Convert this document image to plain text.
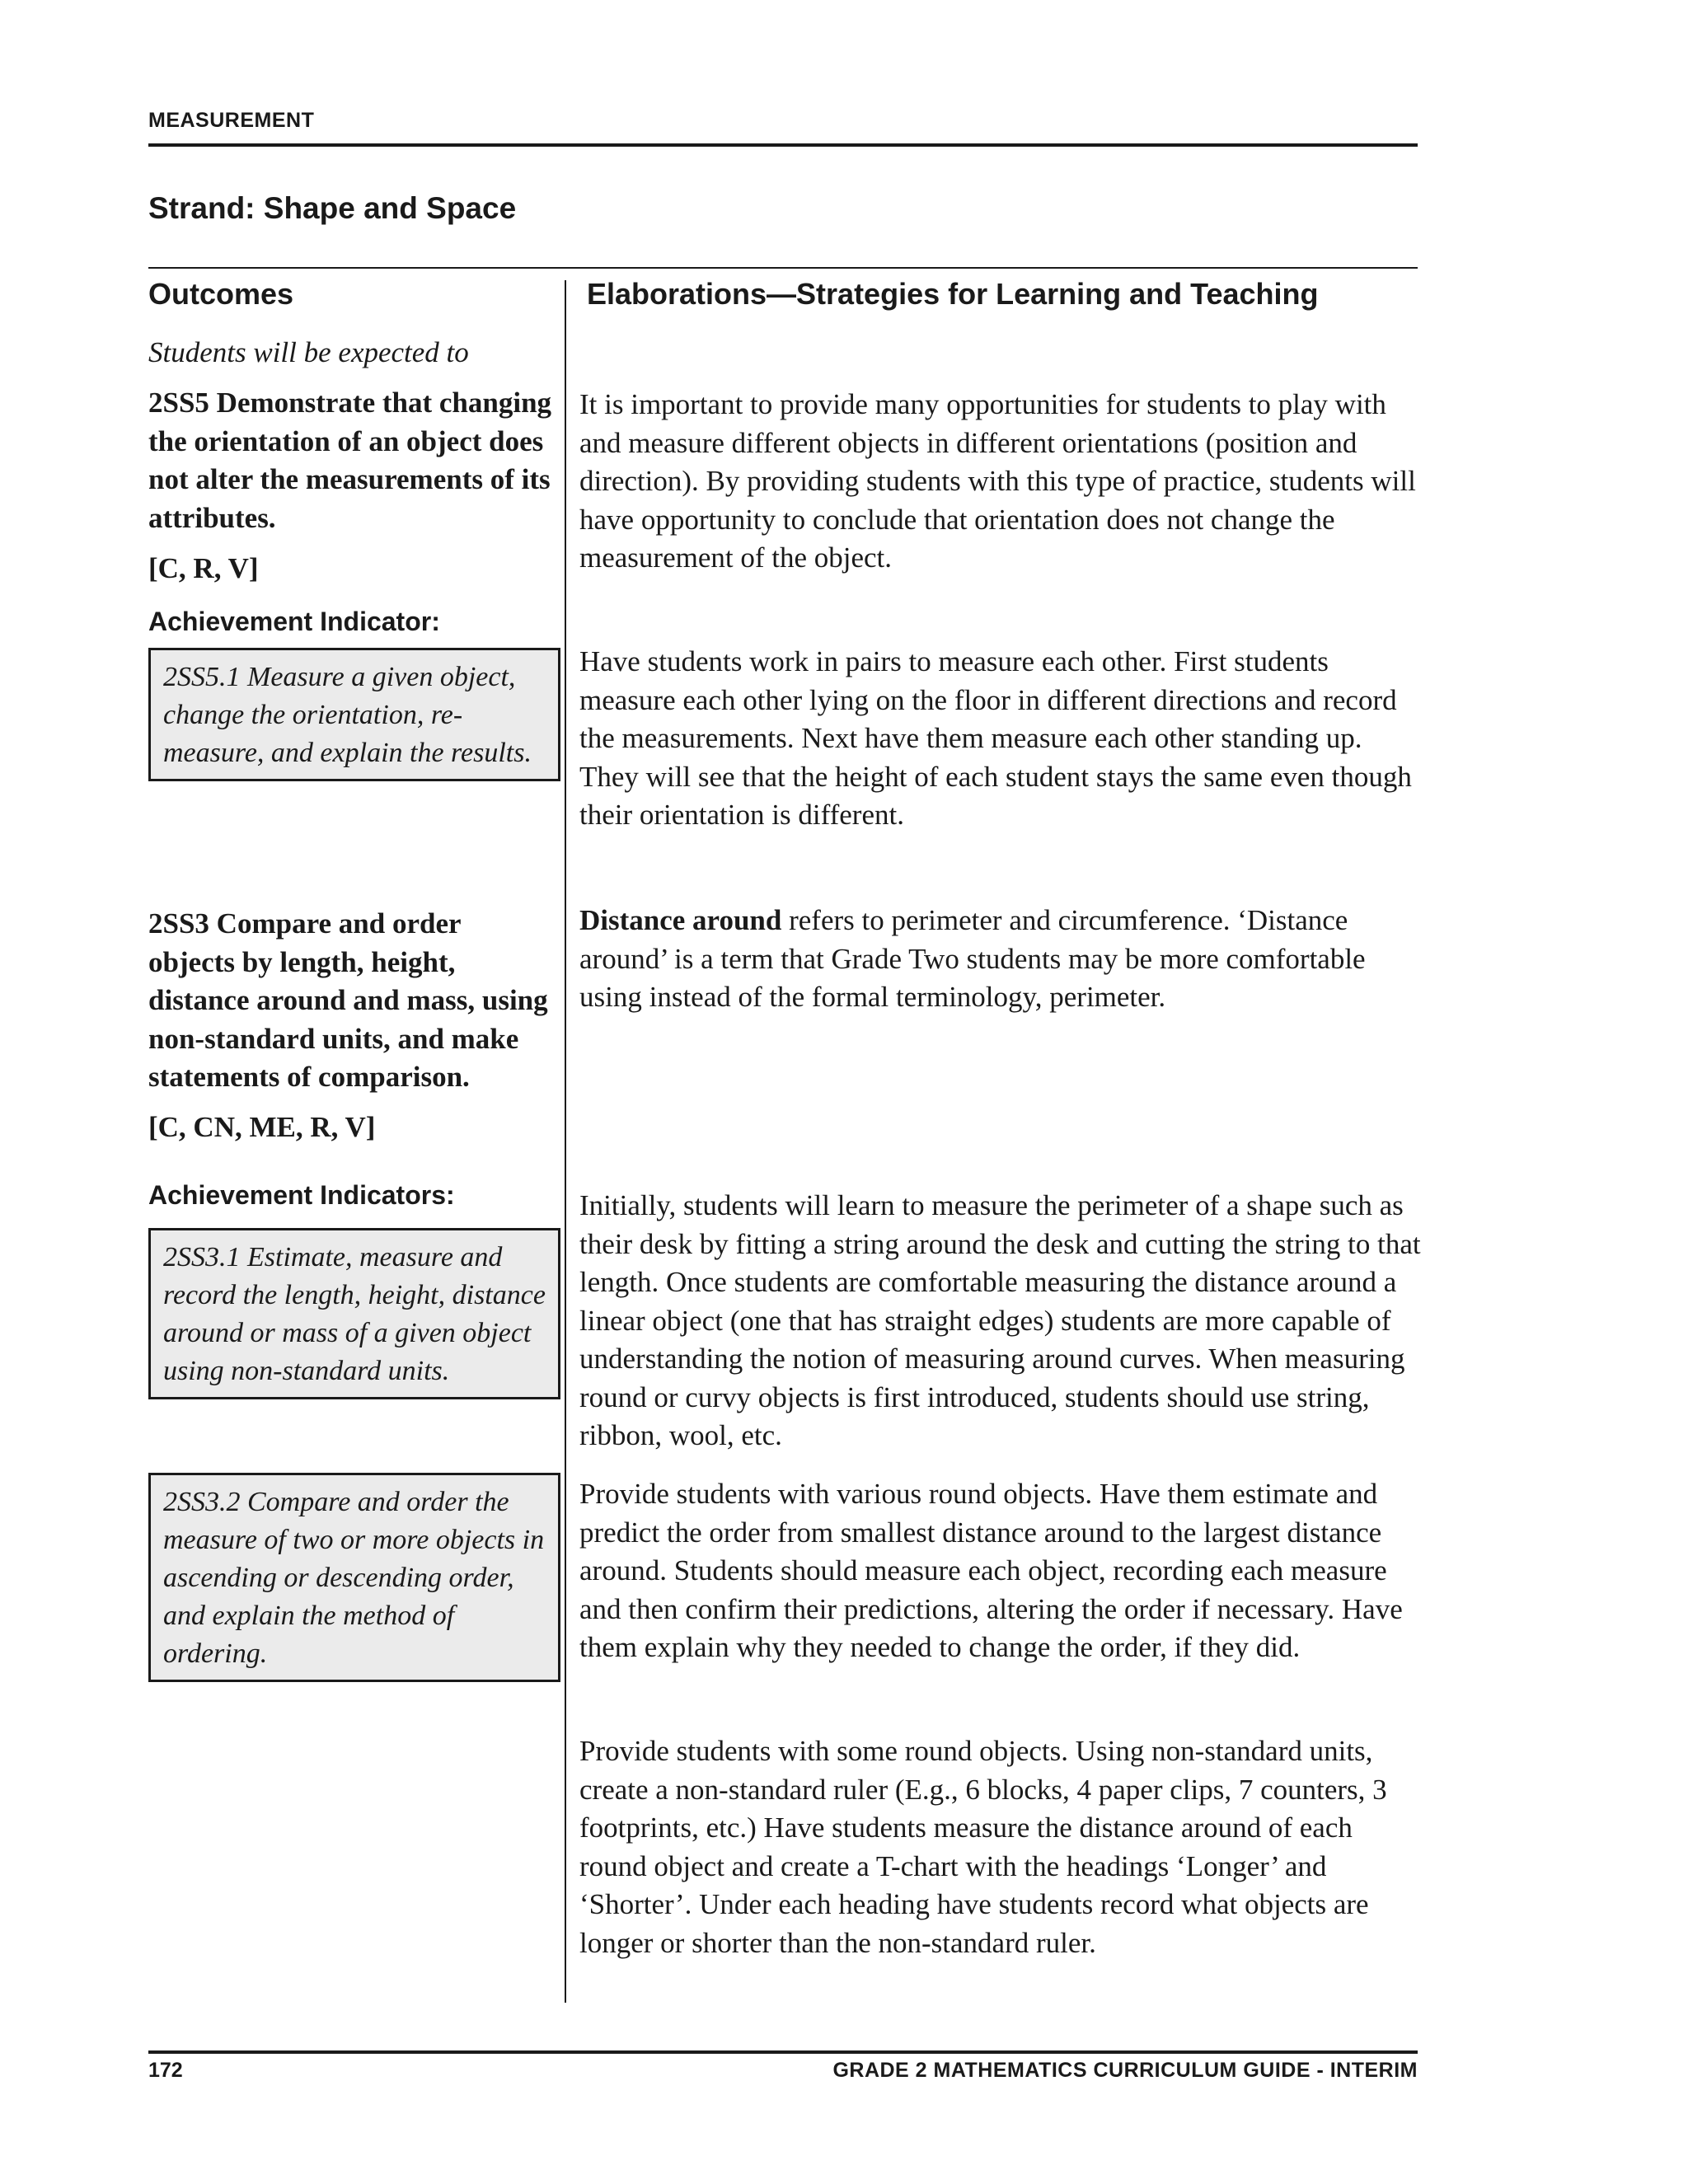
MEASUREMENT
Strand: Shape and Space
Outcomes	Elaborations—Strategies for Learning and Teaching
Students will be expected to
2SS5 Demonstrate that changing the orientation of an object does not alter the measurements of its attributes.
[C, R, V]
Achievement Indicator:
2SS5.1 Measure a given object, change the orientation, re-measure, and explain the results.
2SS3 Compare and order objects by length, height, distance around and mass, using non-standard units, and make statements of comparison.
[C, CN, ME, R, V]
Achievement Indicators:
2SS3.1 Estimate, measure and record the length, height, distance around or mass of a given object using non-standard units.
2SS3.2 Compare and order the measure of two or more objects in ascending or descending order, and explain the method of ordering.
It is important to provide many opportunities for students to play with and measure different objects in different orientations (position and direction). By providing students with this type of practice, students will have opportunity to conclude that orientation does not change the measurement of the object.
Have students work in pairs to measure each other. First students measure each other lying on the floor in different directions and record the measurements. Next have them measure each other standing up. They will see that the height of each student stays the same even though their orientation is different.
Distance around refers to perimeter and circumference. ‘Distance around’ is a term that Grade Two students may be more comfortable using instead of the formal terminology, perimeter.
Initially, students will learn to measure the perimeter of a shape such as their desk by fitting a string around the desk and cutting the string to that length. Once students are comfortable measuring the distance around a linear object (one that has straight edges) students are more capable of understanding the notion of measuring around curves. When measuring round or curvy objects is first introduced, students should use string, ribbon, wool, etc.
Provide students with various round objects. Have them estimate and predict the order from smallest distance around to the largest distance around. Students should measure each object, recording each measure and then confirm their predictions, altering the order if necessary. Have them explain why they needed to change the order, if they did.
Provide students with some round objects. Using non-standard units, create a non-standard ruler (E.g., 6 blocks, 4 paper clips, 7 counters, 3 footprints, etc.) Have students measure the distance around of each round object and create a T-chart with the headings ‘Longer’ and ‘Shorter’. Under each heading have students record what objects are longer or shorter than the non-standard ruler.
172	GRADE 2 MATHEMATICS CURRICULUM GUIDE - INTERIM
